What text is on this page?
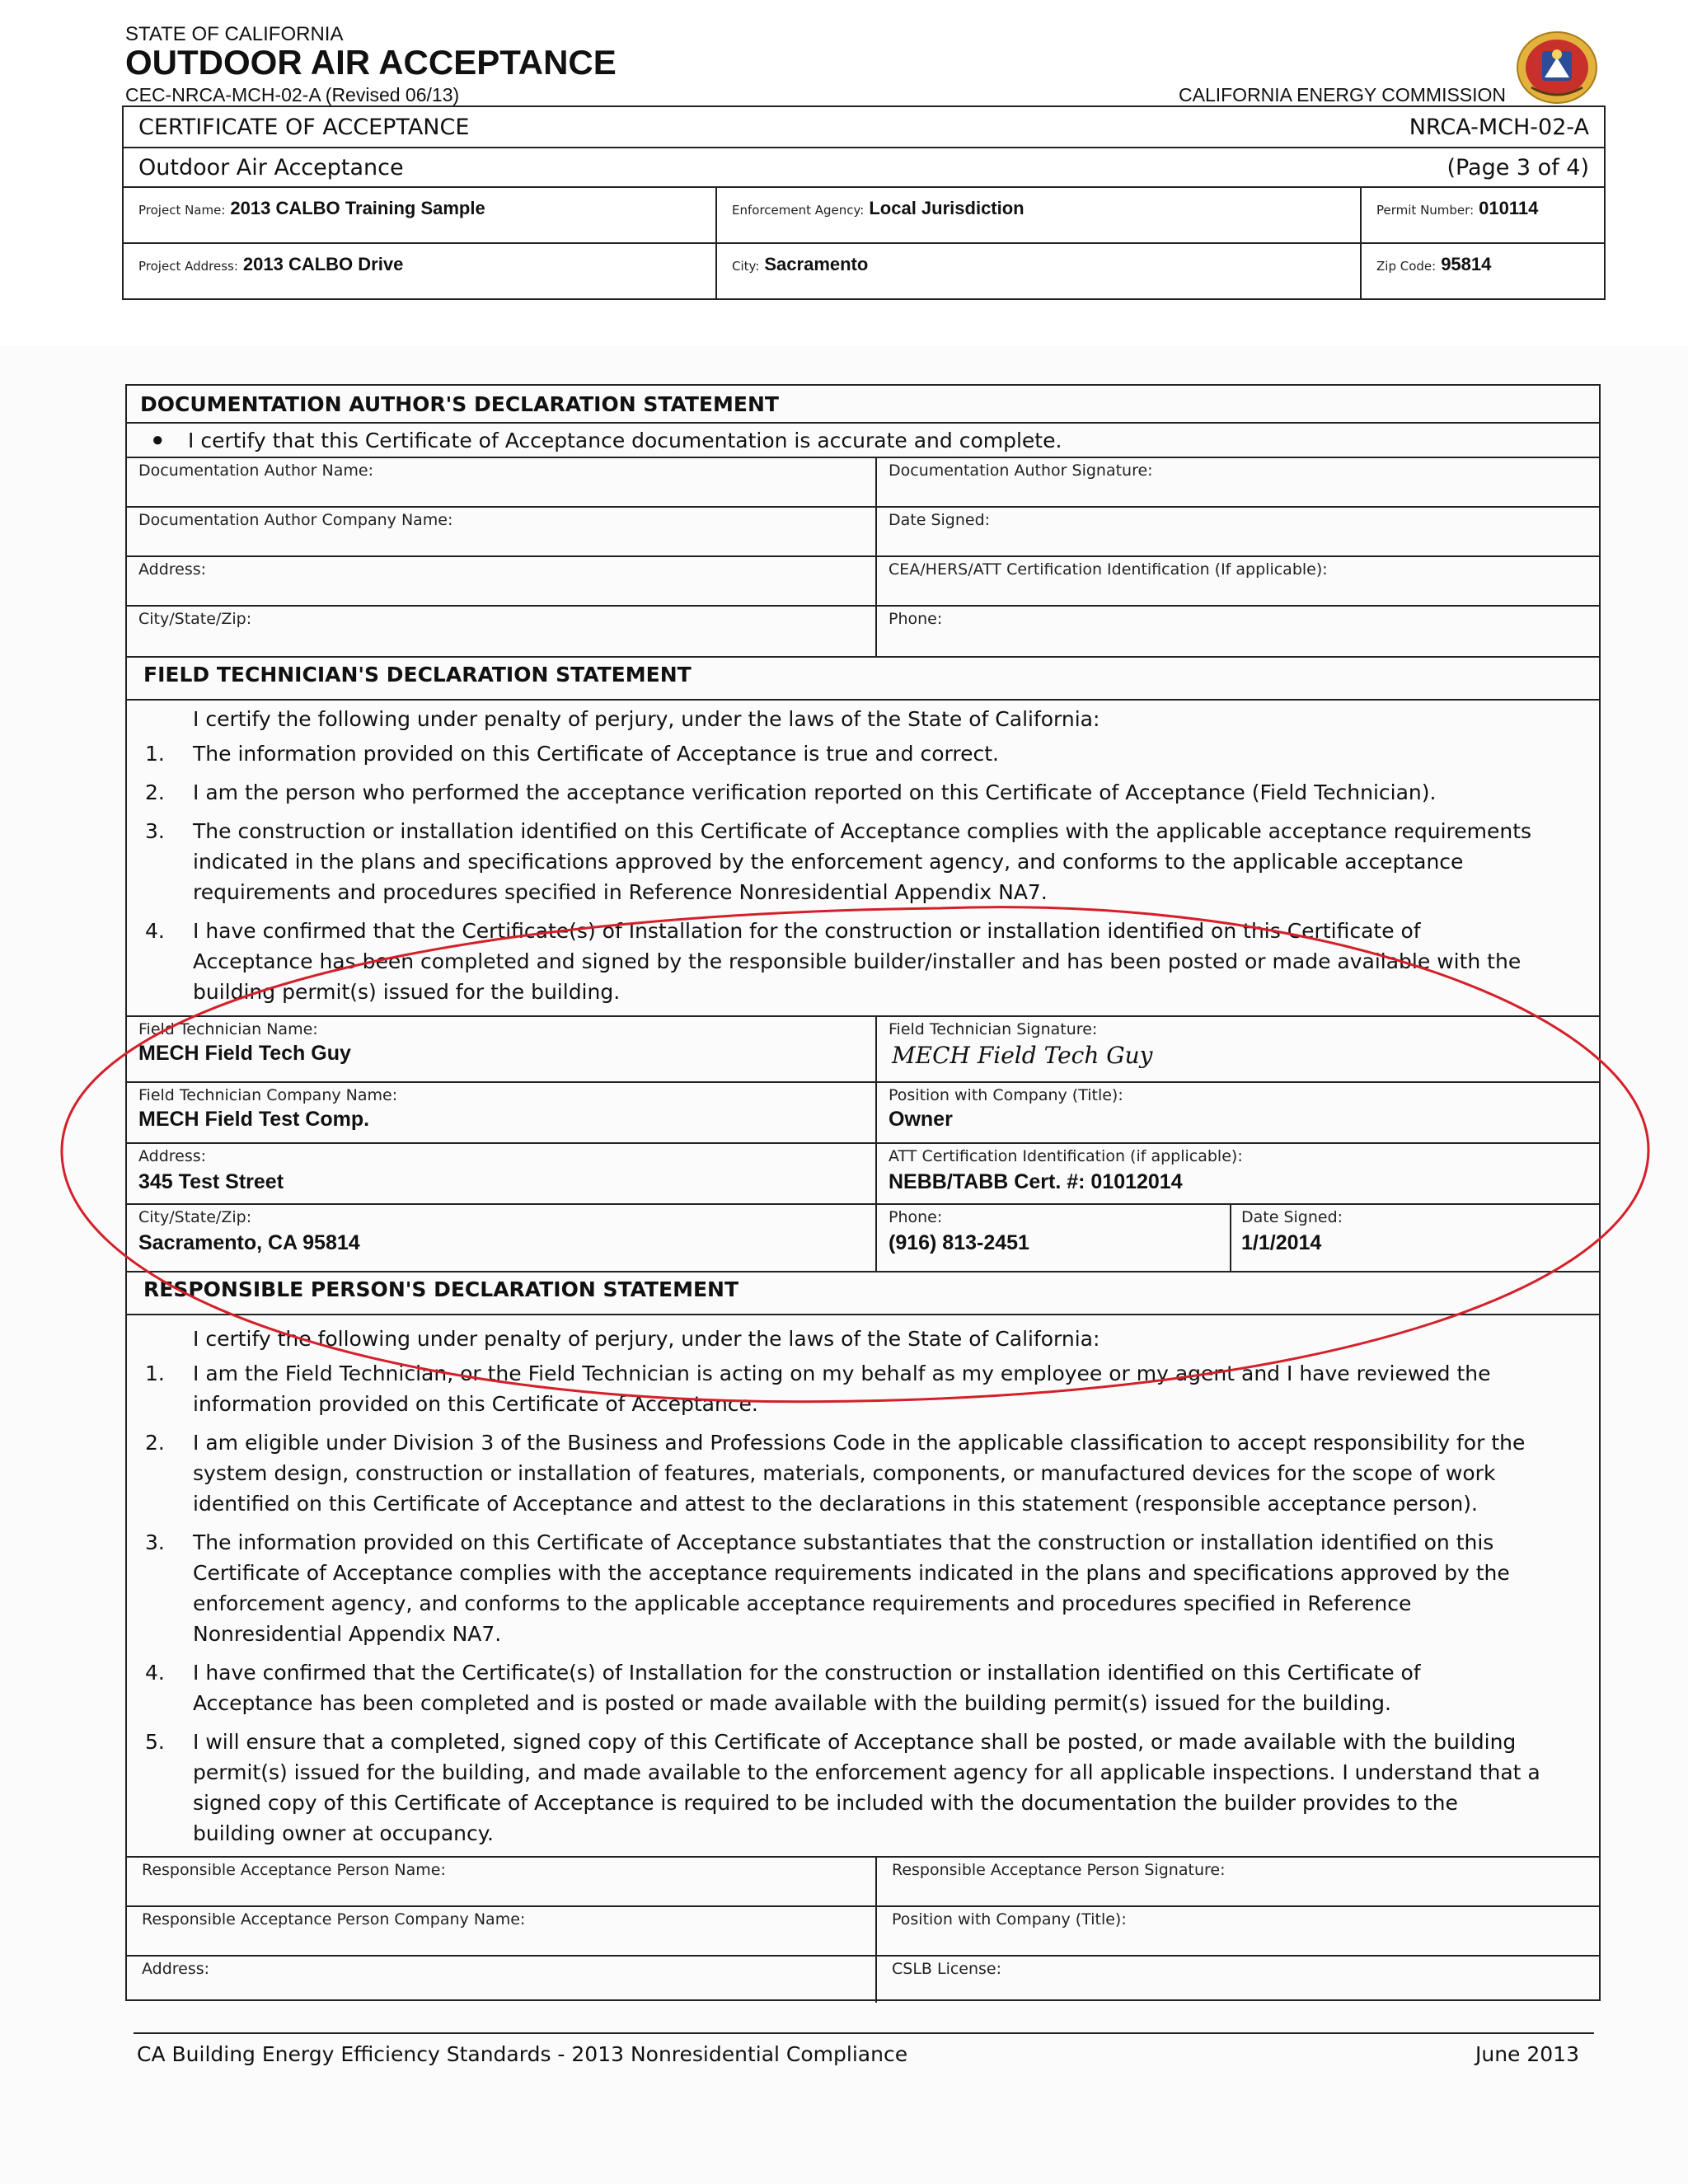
STATE OF CALIFORNIA
OUTDOOR AIR ACCEPTANCE
CEC-NRCA-MCH-02-A (Revised 06/13)	CALIFORNIA ENERGY COMMISSION
CERTIFICATE OF ACCEPTANCE	NRCA-MCH-02-A
Outdoor Air Acceptance	(Page 3 of 4)
Project Name: 2013 CALBO Training Sample	Enforcement Agency: Local Jurisdiction	Permit Number: 010114
Project Address: 2013 CALBO Drive	City: Sacramento	Zip Code: 95814
DOCUMENTATION AUTHOR'S DECLARATION STATEMENT
● I certify that this Certificate of Acceptance documentation is accurate and complete.
Documentation Author Name:	Documentation Author Signature:
Documentation Author Company Name:	Date Signed:
Address:	CEA/HERS/ATT Certification Identification (If applicable):
City/State/Zip:	Phone:
FIELD TECHNICIAN'S DECLARATION STATEMENT
I certify the following under penalty of perjury, under the laws of the State of California:
1. The information provided on this Certificate of Acceptance is true and correct.
2. I am the person who performed the acceptance verification reported on this Certificate of Acceptance (Field Technician).
3. The construction or installation identified on this Certificate of Acceptance complies with the applicable acceptance requirements indicated in the plans and specifications approved by the enforcement agency, and conforms to the applicable acceptance requirements and procedures specified in Reference Nonresidential Appendix NA7.
4. I have confirmed that the Certificate(s) of Installation for the construction or installation identified on this Certificate of Acceptance has been completed and signed by the responsible builder/installer and has been posted or made available with the building permit(s) issued for the building.
Field Technician Name:
MECH Field Tech Guy
Field Technician Signature:
MECH Field Tech Guy
Field Technician Company Name:
MECH Field Test Comp.
Position with Company (Title):
Owner
Address:
345 Test Street
ATT Certification Identification (if applicable):
NEBB/TABB Cert. #: 01012014
City/State/Zip:
Sacramento, CA 95814
Phone:
(916) 813-2451
Date Signed:
1/1/2014
RESPONSIBLE PERSON'S DECLARATION STATEMENT
I certify the following under penalty of perjury, under the laws of the State of California:
1. I am the Field Technician, or the Field Technician is acting on my behalf as my employee or my agent and I have reviewed the information provided on this Certificate of Acceptance.
2. I am eligible under Division 3 of the Business and Professions Code in the applicable classification to accept responsibility for the system design, construction or installation of features, materials, components, or manufactured devices for the scope of work identified on this Certificate of Acceptance and attest to the declarations in this statement (responsible acceptance person).
3. The information provided on this Certificate of Acceptance substantiates that the construction or installation identified on this Certificate of Acceptance complies with the acceptance requirements indicated in the plans and specifications approved by the enforcement agency, and conforms to the applicable acceptance requirements and procedures specified in Reference Nonresidential Appendix NA7.
4. I have confirmed that the Certificate(s) of Installation for the construction or installation identified on this Certificate of Acceptance has been completed and is posted or made available with the building permit(s) issued for the building.
5. I will ensure that a completed, signed copy of this Certificate of Acceptance shall be posted, or made available with the building permit(s) issued for the building, and made available to the enforcement agency for all applicable inspections. I understand that a signed copy of this Certificate of Acceptance is required to be included with the documentation the builder provides to the building owner at occupancy.
Responsible Acceptance Person Name:	Responsible Acceptance Person Signature:
Responsible Acceptance Person Company Name:	Position with Company (Title):
Address:	CSLB License:
CA Building Energy Efficiency Standards - 2013 Nonresidential Compliance	June 2013
